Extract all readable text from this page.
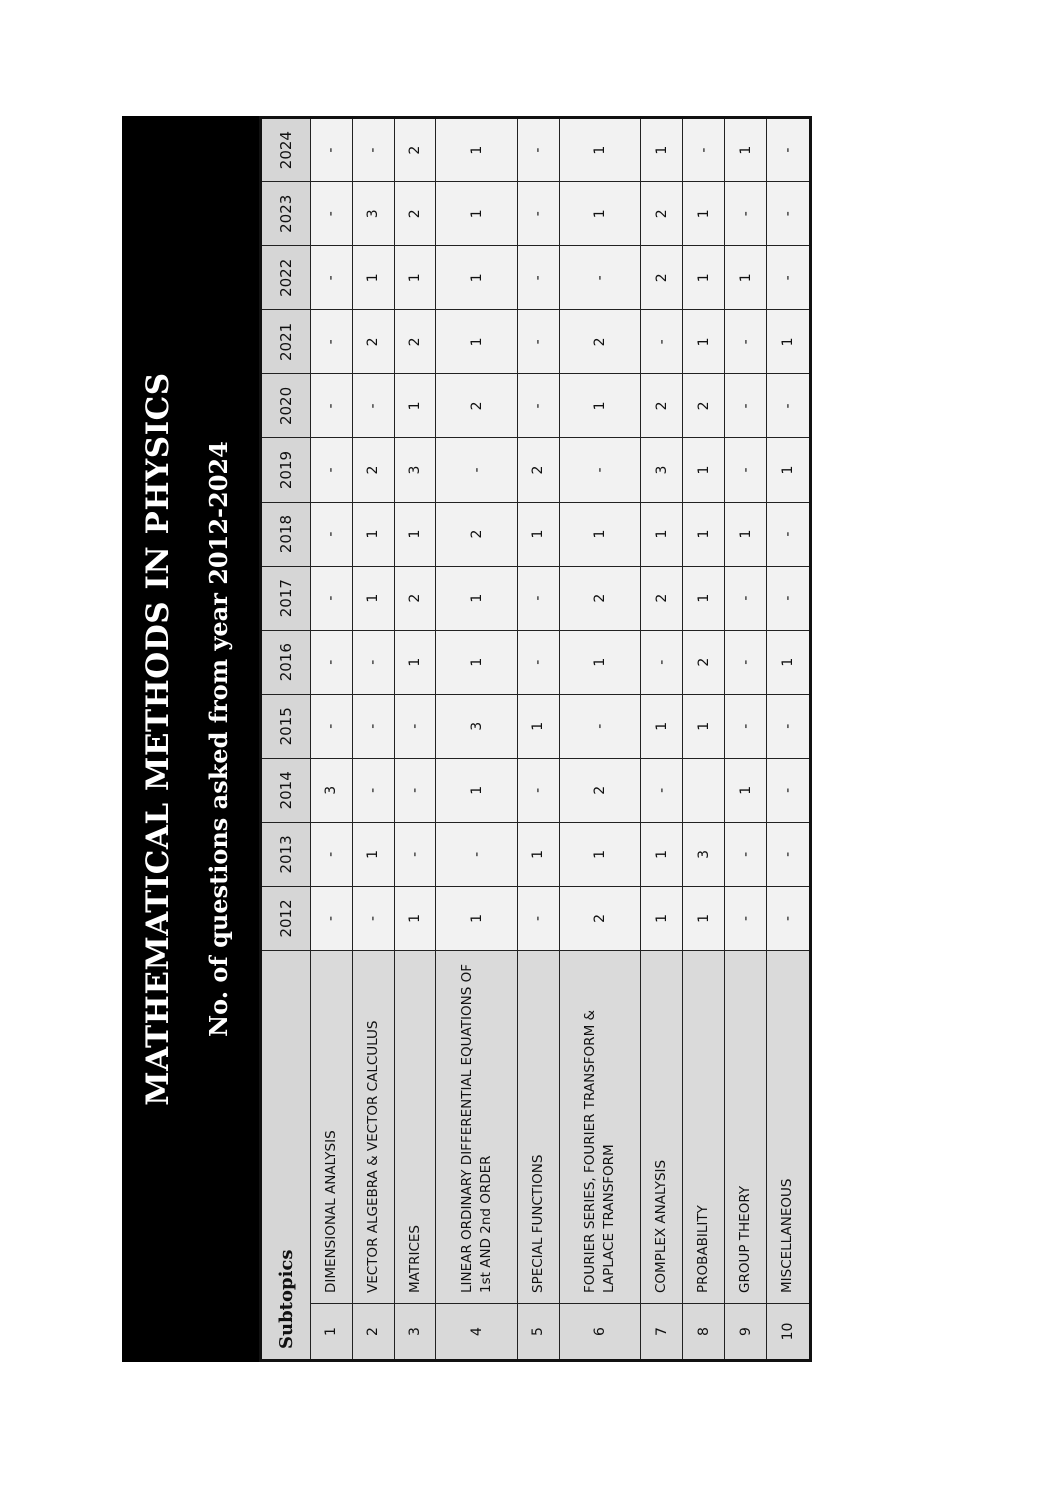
MATHEMATICAL METHODS IN PHYSICS No. of questions asked from year 2012-2024
Subtopics		2012	2013	2014	2015	2016	2017	2018	2019	2020	2021	2022	2023	2024
1	DIMENSIONAL ANALYSIS	-	-	3	-	-	-	-	-	-	-	-	-	-
2	VECTOR ALGEBRA & VECTOR CALCULUS	-	1	-	-	-	1	1	2	-	2	1	3	-
3	MATRICES	1	-	-	-	1	2	1	3	1	2	1	2	2
4	LINEAR ORDINARY DIFFERENTIAL EQUATIONS OF 1st AND 2nd ORDER	1	-	1	3	1	1	2	-	2	1	1	1	1
5	SPECIAL FUNCTIONS	-	1	-	1	-	-	1	2	-	-	-	-	-
6	FOURIER SERIES, FOURIER TRANSFORM & LAPLACE TRANSFORM	2	1	2	-	1	2	1	-	1	2	-	1	1
7	COMPLEX ANALYSIS	1	1	-	1	-	2	1	3	2	-	2	2	1
8	PROBABILITY	1	3		1	2	1	1	1	2	1	1	1	-
9	GROUP THEORY	-	-	1	-	-	-	1	-	-	-	1	-	1
10	MISCELLANEOUS	-	-	-	-	1	-	-	1	-	1	-	-	-
